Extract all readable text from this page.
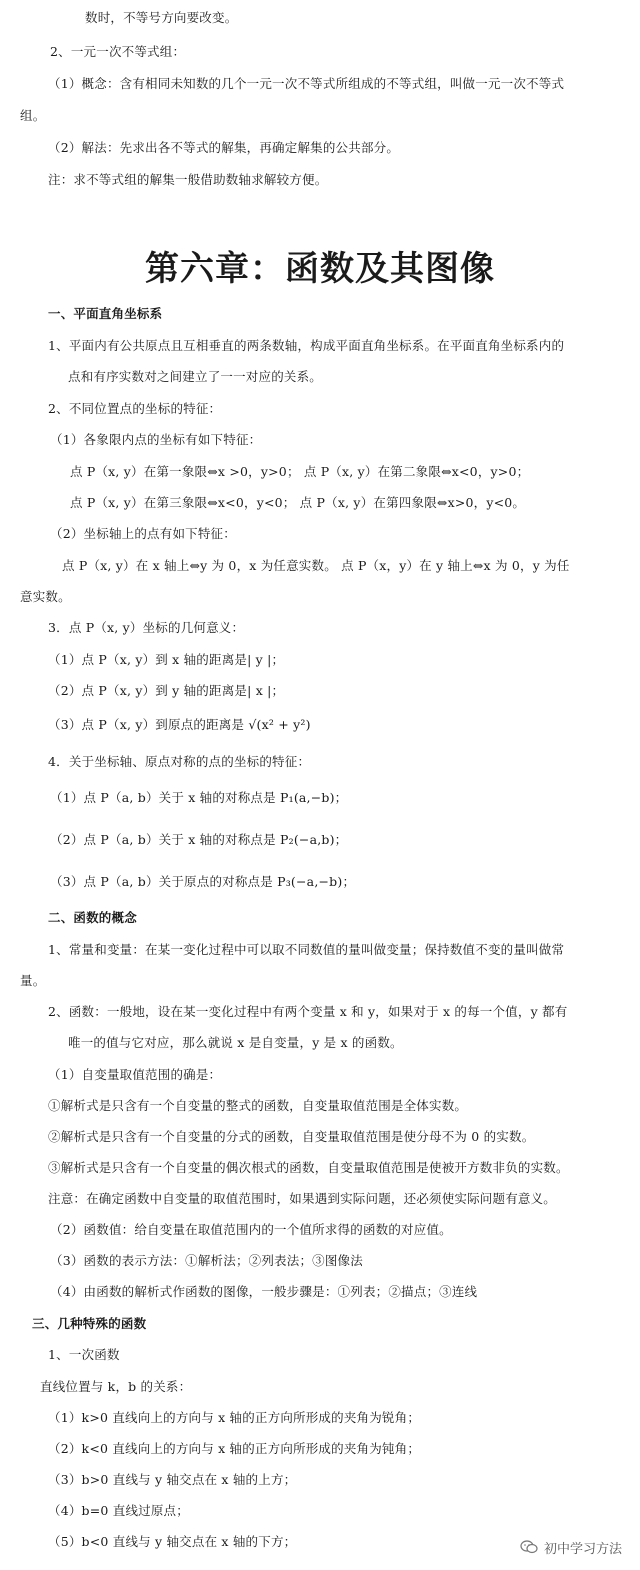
数时，不等号方向要改变。
2、一元一次不等式组：
（1）概念：含有相同未知数的几个一元一次不等式所组成的不等式组，叫做一元一次不等式
组。
（2）解法：先求出各不等式的解集，再确定解集的公共部分。
注：求不等式组的解集一般借助数轴求解较方便。
第六章：函数及其图像
一、平面直角坐标系
1、平面内有公共原点且互相垂直的两条数轴，构成平面直角坐标系。在平面直角坐标系内的
点和有序实数对之间建立了一一对应的关系。
2、不同位置点的坐标的特征：
（1）各象限内点的坐标有如下特征：
点 P（x, y）在第一象限⇔x >0，y>0； 点 P（x, y）在第二象限⇔x<0，y>0；
点 P（x, y）在第三象限⇔x<0，y<0； 点 P（x, y）在第四象限⇔x>0，y<0。
（2）坐标轴上的点有如下特征：
点 P（x, y）在 x 轴上⇔y 为 0，x 为任意实数。 点 P（x，y）在 y 轴上⇔x 为 0，y 为任
意实数。
3．点 P（x, y）坐标的几何意义：
（1）点 P（x, y）到 x 轴的距离是| y |；
（2）点 P（x, y）到 y 轴的距离是| x |；
（3）点 P（x, y）到原点的距离是 √(x² + y²)
4．关于坐标轴、原点对称的点的坐标的特征：
（1）点 P（a, b）关于 x 轴的对称点是 P₁(a,−b)；
（2）点 P（a, b）关于 x 轴的对称点是 P₂(−a,b)；
（3）点 P（a, b）关于原点的对称点是 P₃(−a,−b)；
二、函数的概念
1、常量和变量：在某一变化过程中可以取不同数值的量叫做变量；保持数值不变的量叫做常
量。
2、函数：一般地，设在某一变化过程中有两个变量 x 和 y，如果对于 x 的每一个值，y 都有
唯一的值与它对应，那么就说 x 是自变量，y 是 x 的函数。
（1）自变量取值范围的确是：
①解析式是只含有一个自变量的整式的函数，自变量取值范围是全体实数。
②解析式是只含有一个自变量的分式的函数，自变量取值范围是使分母不为 0 的实数。
③解析式是只含有一个自变量的偶次根式的函数，自变量取值范围是使被开方数非负的实数。
注意：在确定函数中自变量的取值范围时，如果遇到实际问题，还必须使实际问题有意义。
（2）函数值：给自变量在取值范围内的一个值所求得的函数的对应值。
（3）函数的表示方法：①解析法；②列表法；③图像法
（4）由函数的解析式作函数的图像，一般步骤是：①列表；②描点；③连线
三、几种特殊的函数
1、一次函数
直线位置与 k，b 的关系：
（1）k>0 直线向上的方向与 x 轴的正方向所形成的夹角为锐角；
（2）k<0 直线向上的方向与 x 轴的正方向所形成的夹角为钝角；
（3）b>0 直线与 y 轴交点在 x 轴的上方；
（4）b=0 直线过原点；
（5）b<0 直线与 y 轴交点在 x 轴的下方；	初中学习方法
